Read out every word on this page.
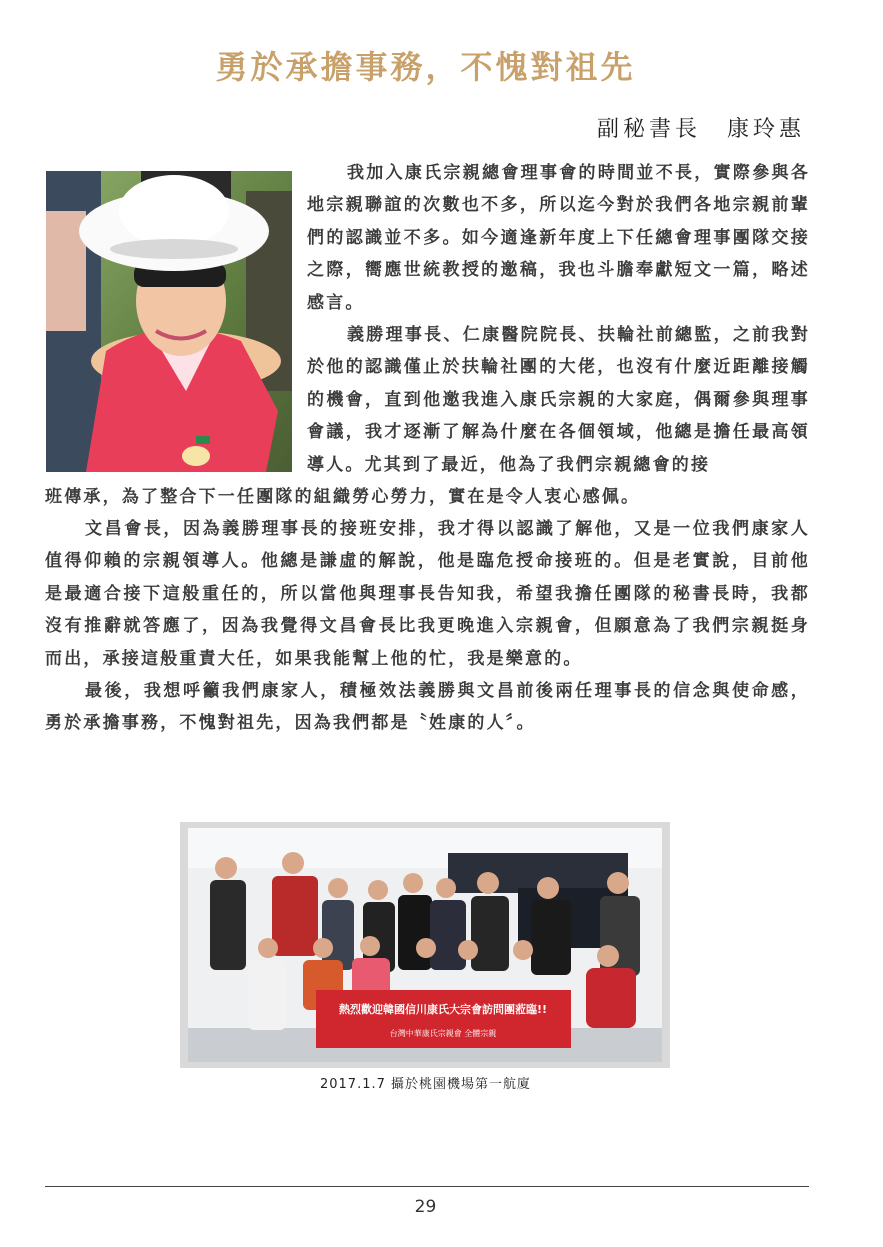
勇於承擔事務，不愧對祖先
副秘書長　康玲惠

我加入康氏宗親總會理事會的時間並不長，實際參與各地宗親聯誼的次數也不多，所以迄今對於我們各地宗親前輩們的認識並不多。如今適逢新年度上下任總會理事團隊交接之際，嚮應世統教授的邀稿，我也斗膽奉獻短文一篇，略述感言。

義勝理事長、仁康醫院院長、扶輪社前總監，之前我對於他的認識僅止於扶輪社團的大佬，也沒有什麼近距離接觸的機會，直到他邀我進入康氏宗親的大家庭，偶爾參與理事會議，我才逐漸了解為什麼在各個領域，他總是擔任最高領導人。尤其到了最近，他為了我們宗親總會的接

班傳承，為了整合下一任團隊的組織勞心勞力，實在是令人衷心感佩。

文昌會長，因為義勝理事長的接班安排，我才得以認識了解他，又是一位我們康家人值得仰賴的宗親領導人。他總是謙虛的解說，他是臨危授命接班的。但是老實說，目前他是最適合接下這般重任的，所以當他與理事長告知我，希望我擔任團隊的秘書長時，我都沒有推辭就答應了，因為我覺得文昌會長比我更晚進入宗親會，但願意為了我們宗親挺身而出，承接這般重責大任，如果我能幫上他的忙，我是樂意的。

最後，我想呼籲我們康家人，積極效法義勝與文昌前後兩任理事長的信念與使命感，勇於承擔事務，不愧對祖先，因為我們都是〝姓康的人〞。

熱烈歡迎韓國信川康氏大宗會訪問團蒞臨!!
台灣中華康氏宗親會 全體宗親
2017.1.7 攝於桃園機場第一航廈
29
